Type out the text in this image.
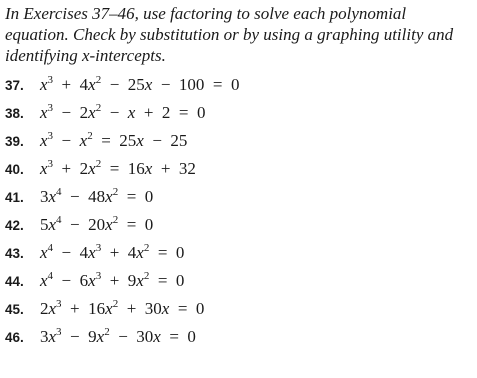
In Exercises 37–46, use factoring to solve each polynomial equation. Check by substitution or by using a graphing utility and identifying x-intercepts.

37. $x^3 + 4x^2 - 25x - 100 = 0$
38. $x^3 - 2x^2 - x + 2 = 0$
39. $x^3 - x^2 = 25x - 25$
40. $x^3 + 2x^2 = 16x + 32$
41. $3x^4 - 48x^2 = 0$
42. $5x^4 - 20x^2 = 0$
43. $x^4 - 4x^3 + 4x^2 = 0$
44. $x^4 - 6x^3 + 9x^2 = 0$
45. $2x^3 + 16x^2 + 30x = 0$
46. $3x^3 - 9x^2 - 30x = 0$
